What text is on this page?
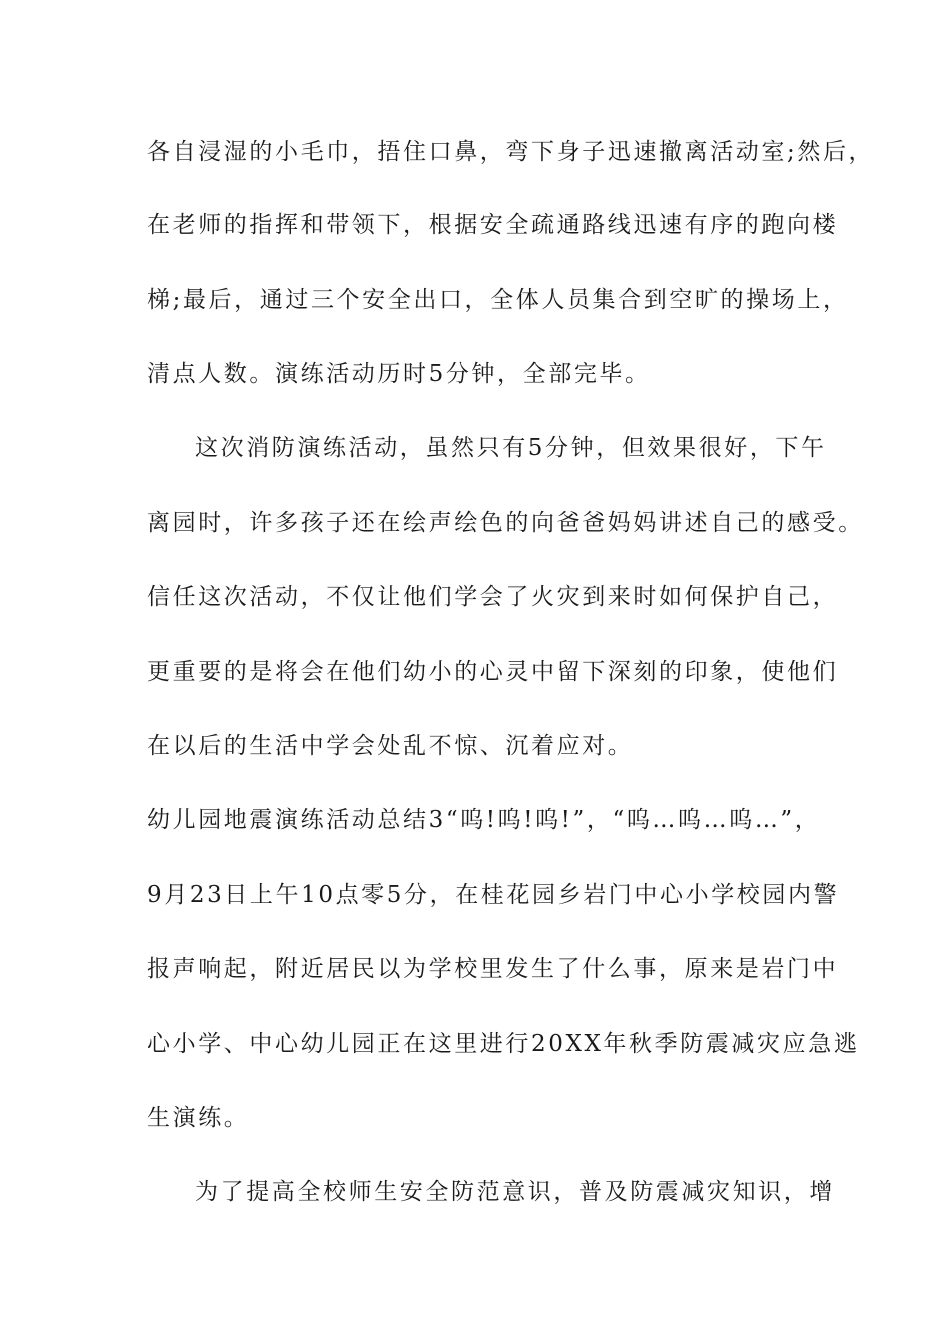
各自浸湿的小毛巾，捂住口鼻，弯下身子迅速撤离活动室;然后，
在老师的指挥和带领下，根据安全疏通路线迅速有序的跑向楼
梯;最后，通过三个安全出口，全体人员集合到空旷的操场上，
清点人数。演练活动历时5分钟，全部完毕。
这次消防演练活动，虽然只有5分钟，但效果很好，下午
离园时，许多孩子还在绘声绘色的向爸爸妈妈讲述自己的感受。
信任这次活动，不仅让他们学会了火灾到来时如何保护自己，
更重要的是将会在他们幼小的心灵中留下深刻的印象，使他们
在以后的生活中学会处乱不惊、沉着应对。
幼儿园地震演练活动总结3“呜!呜!呜!”，“呜…呜…呜…”，
9月23日上午10点零5分，在桂花园乡岩门中心小学校园内警
报声响起，附近居民以为学校里发生了什么事，原来是岩门中
心小学、中心幼儿园正在这里进行20XX年秋季防震减灾应急逃
生演练。
为了提高全校师生安全防范意识，普及防震减灾知识，增
